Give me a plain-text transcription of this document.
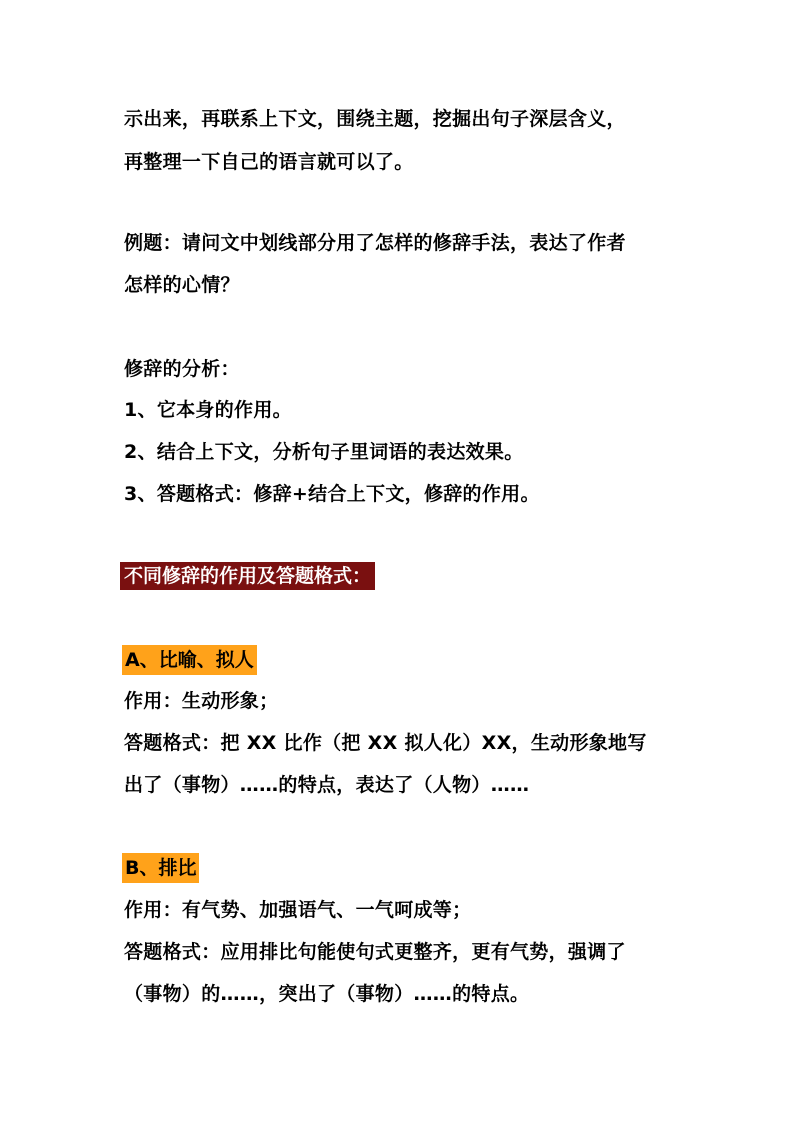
示出来，再联系上下文，围绕主题，挖掘出句子深层含义，
再整理一下自己的语言就可以了。
例题：请问文中划线部分用了怎样的修辞手法，表达了作者
怎样的心情？
修辞的分析：
1、它本身的作用。
2、结合上下文，分析句子里词语的表达效果。
3、答题格式：修辞+结合上下文，修辞的作用。
不同修辞的作用及答题格式：
A、比喻、拟人
作用：生动形象；
答题格式：把 XX 比作（把 XX 拟人化）XX，生动形象地写
出了（事物）……的特点，表达了（人物）……
B、排比
作用：有气势、加强语气、一气呵成等；
答题格式：应用排比句能使句式更整齐，更有气势，强调了
（事物）的……，突出了（事物）……的特点。
